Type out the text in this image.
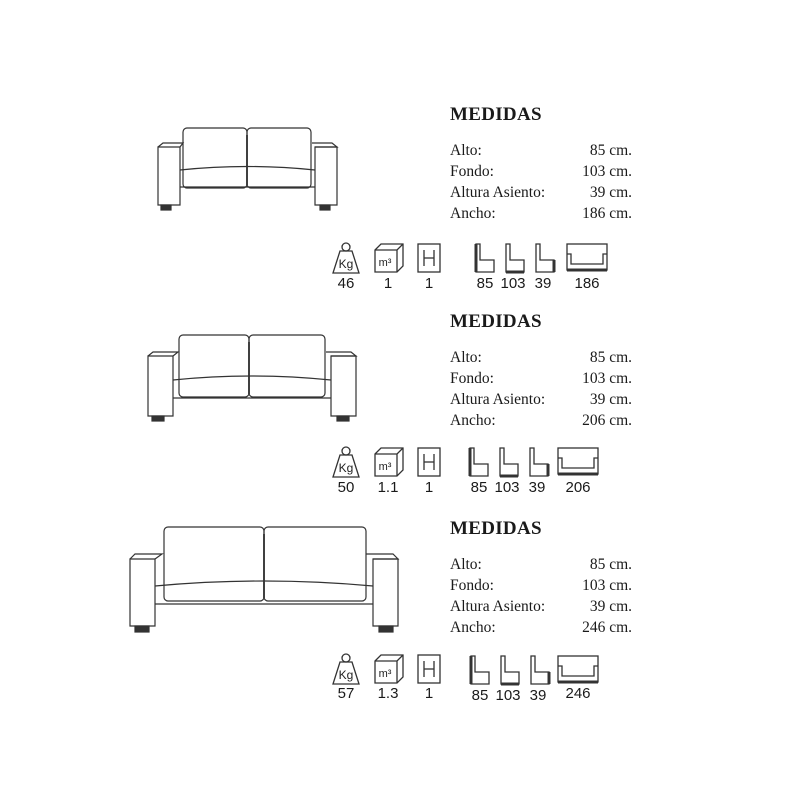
MEDIDAS
Alto:	85 cm.
Fondo:	103 cm.
Altura Asiento:	39 cm.
Ancho:	186 cm.
Kg
46
m³
1	1	85 103 39	186
MEDIDAS
Alto:	85 cm.
Fondo:	103 cm.
Altura Asiento:	39 cm.
Ancho:	206 cm.
Kg
50
m³
1.1	1	85 103 39	206
MEDIDAS
Alto:	85 cm.
Fondo:	103 cm.
Altura Asiento:	39 cm.
Ancho:	246 cm.
Kg
57
m³
1.3	1	85 103 39	246
